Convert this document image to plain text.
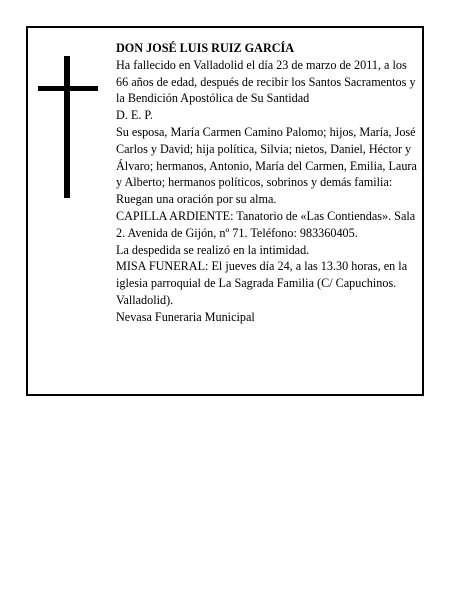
DON JOSÉ LUIS RUIZ GARCÍA

Ha fallecido en Valladolid el día 23 de marzo de 2011, a los 66 años de edad, después de recibir los Santos Sacramentos y la Bendición Apostólica de Su Santidad

D. E. P.

Su esposa, María Carmen Camino Palomo; hijos, María, José Carlos y David; hija política, Silvia; nietos, Daniel, Héctor y Álvaro; hermanos, Antonio, María del Carmen, Emilia, Laura y Alberto; hermanos políticos, sobrinos y demás familia:

Ruegan una oración por su alma.

CAPILLA ARDIENTE: Tanatorio de «Las Contiendas». Sala 2. Avenida de Gijón, nº 71. Teléfono: 983360405.

La despedida se realizó en la intimidad.

MISA FUNERAL: El jueves día 24, a las 13.30 horas, en la iglesia parroquial de La Sagrada Familia (C/ Capuchinos. Valladolid).

Nevasa Funeraria Municipal
